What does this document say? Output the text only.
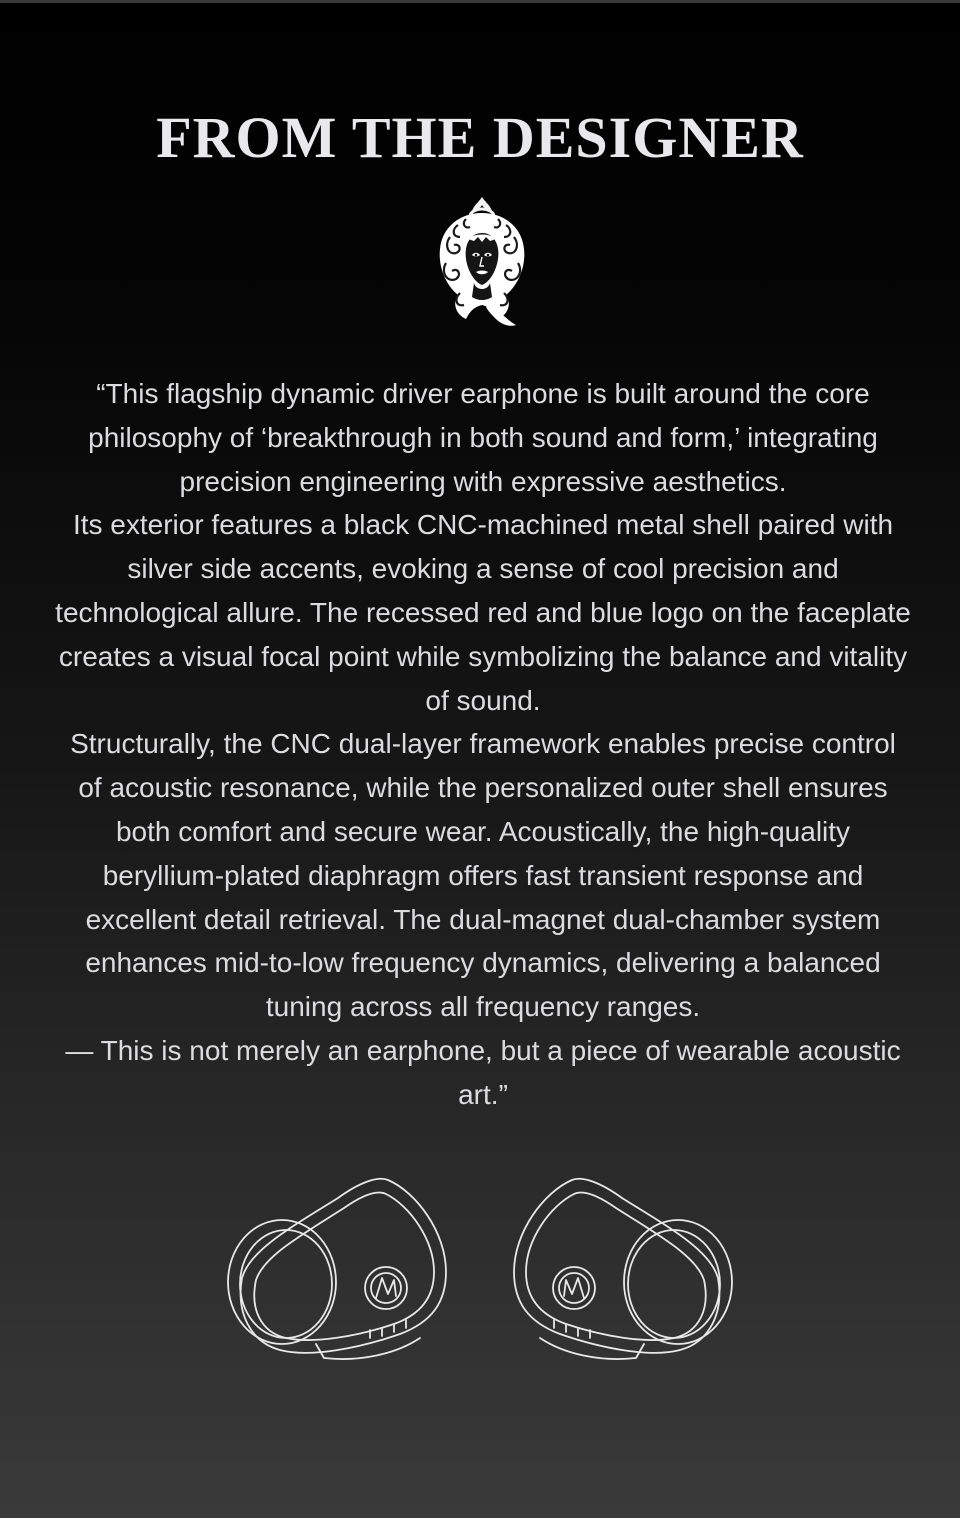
FROM THE DESIGNER

“This flagship dynamic driver earphone is built around the core philosophy of ‘breakthrough in both sound and form,’ integrating precision engineering with expressive aesthetics.

Its exterior features a black CNC-machined metal shell paired with silver side accents, evoking a sense of cool precision and technological allure. The recessed red and blue logo on the faceplate creates a visual focal point while symbolizing the balance and vitality of sound.

Structurally, the CNC dual-layer framework enables precise control of acoustic resonance, while the personalized outer shell ensures both comfort and secure wear. Acoustically, the high-quality beryllium-plated diaphragm offers fast transient response and excellent detail retrieval. The dual-magnet dual-chamber system enhances mid-to-low frequency dynamics, delivering a balanced tuning across all frequency ranges.

— This is not merely an earphone, but a piece of wearable acoustic art.”
